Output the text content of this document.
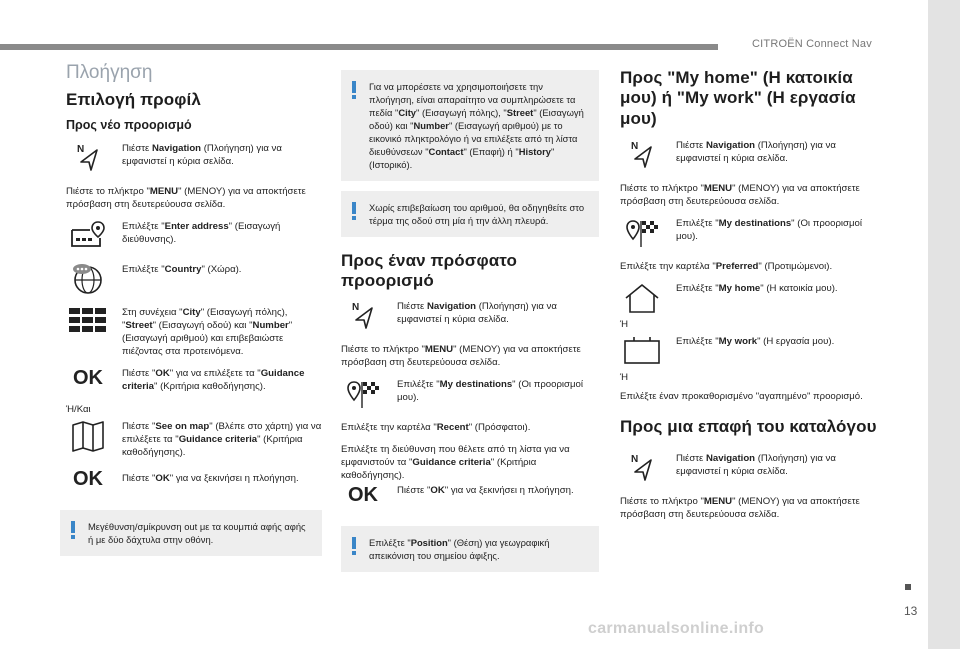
CITROËN Connect Nav
13
carmanualsonline.info
Πλοήγηση
Επιλογή προφίλ
Προς νέο προορισμό
N	Πιέστε Navigation (Πλοήγηση) για να εμφανιστεί η κύρια σελίδα.
Πιέστε το πλήκτρο "MENU" (ΜΕΝΟΥ) για να αποκτήσετε πρόσβαση στη δευτερεύουσα σελίδα.
Επιλέξτε "Enter address" (Εισαγωγή διεύθυνσης).
Επιλέξτε "Country" (Χώρα).
Στη συνέχεια "City" (Εισαγωγή πόλης), "Street" (Εισαγωγή οδού) και "Number" (Εισαγωγή αριθμού) και επιβεβαιώστε πιέζοντας στα προτεινόμενα.
OK Πιέστε "OK" για να επιλέξετε τα "Guidance criteria" (Κριτήρια καθοδήγησης).
Ή/Και
Πιέστε "See on map" (Βλέπε στο χάρτη) για να επιλέξετε τα "Guidance criteria" (Κριτήρια καθοδήγησης).
OK Πιέστε "OK" για να ξεκινήσει η πλοήγηση.
Μεγέθυνση/σμίκρυνση out με τα κουμπιά αφής αφής ή με δύο δάχτυλα στην οθόνη.
Για να μπορέσετε να χρησιμοποιήσετε την πλοήγηση, είναι απαραίτητο να συμπληρώσετε τα πεδία "City" (Εισαγωγή πόλης), "Street" (Εισαγωγή οδού) και "Number" (Εισαγωγή αριθμού) με το εικονικό πληκτρολόγιο ή να επιλέξετε από τη λίστα διευθύνσεων "Contact" (Επαφή) ή "History" (Ιστορικό).
Χωρίς επιβεβαίωση του αριθμού, θα οδηγηθείτε στο τέρμα της οδού στη μία ή την άλλη πλευρά.
Προς έναν πρόσφατο προορισμό
N	Πιέστε Navigation (Πλοήγηση) για να εμφανιστεί η κύρια σελίδα.
Πιέστε το πλήκτρο "MENU" (ΜΕΝΟΥ) για να αποκτήσετε πρόσβαση στη δευτερεύουσα σελίδα.
Επιλέξτε "My destinations" (Οι προορισμοί μου).
Επιλέξτε την καρτέλα "Recent" (Πρόσφατοι).
Επιλέξτε τη διεύθυνση που θέλετε από τη λίστα για να εμφανιστούν τα "Guidance criteria" (Κριτήρια καθοδήγησης).
OK Πιέστε "OK" για να ξεκινήσει η πλοήγηση.
Επιλέξτε "Position" (Θέση) για γεωγραφική απεικόνιση του σημείου άφιξης.
Προς "My home" (Η κατοικία μου) ή "My work" (Η εργασία μου)
N	Πιέστε Navigation (Πλοήγηση) για να εμφανιστεί η κύρια σελίδα.
Πιέστε το πλήκτρο "MENU" (ΜΕΝΟΥ) για να αποκτήσετε πρόσβαση στη δευτερεύουσα σελίδα.
Επιλέξτε "My destinations" (Οι προορισμοί μου).
Επιλέξτε την καρτέλα "Preferred" (Προτιμώμενοι).
Επιλέξτε "My home" (Η κατοικία μου).
Ή
Επιλέξτε "My work" (Η εργασία μου).
Ή
Επιλέξτε έναν προκαθορισμένο "αγαπημένο" προορισμό.
Προς μια επαφή του καταλόγου
N	Πιέστε Navigation (Πλοήγηση) για να εμφανιστεί η κύρια σελίδα.
Πιέστε το πλήκτρο "MENU" (ΜΕΝΟΥ) για να αποκτήσετε πρόσβαση στη δευτερεύουσα σελίδα.
